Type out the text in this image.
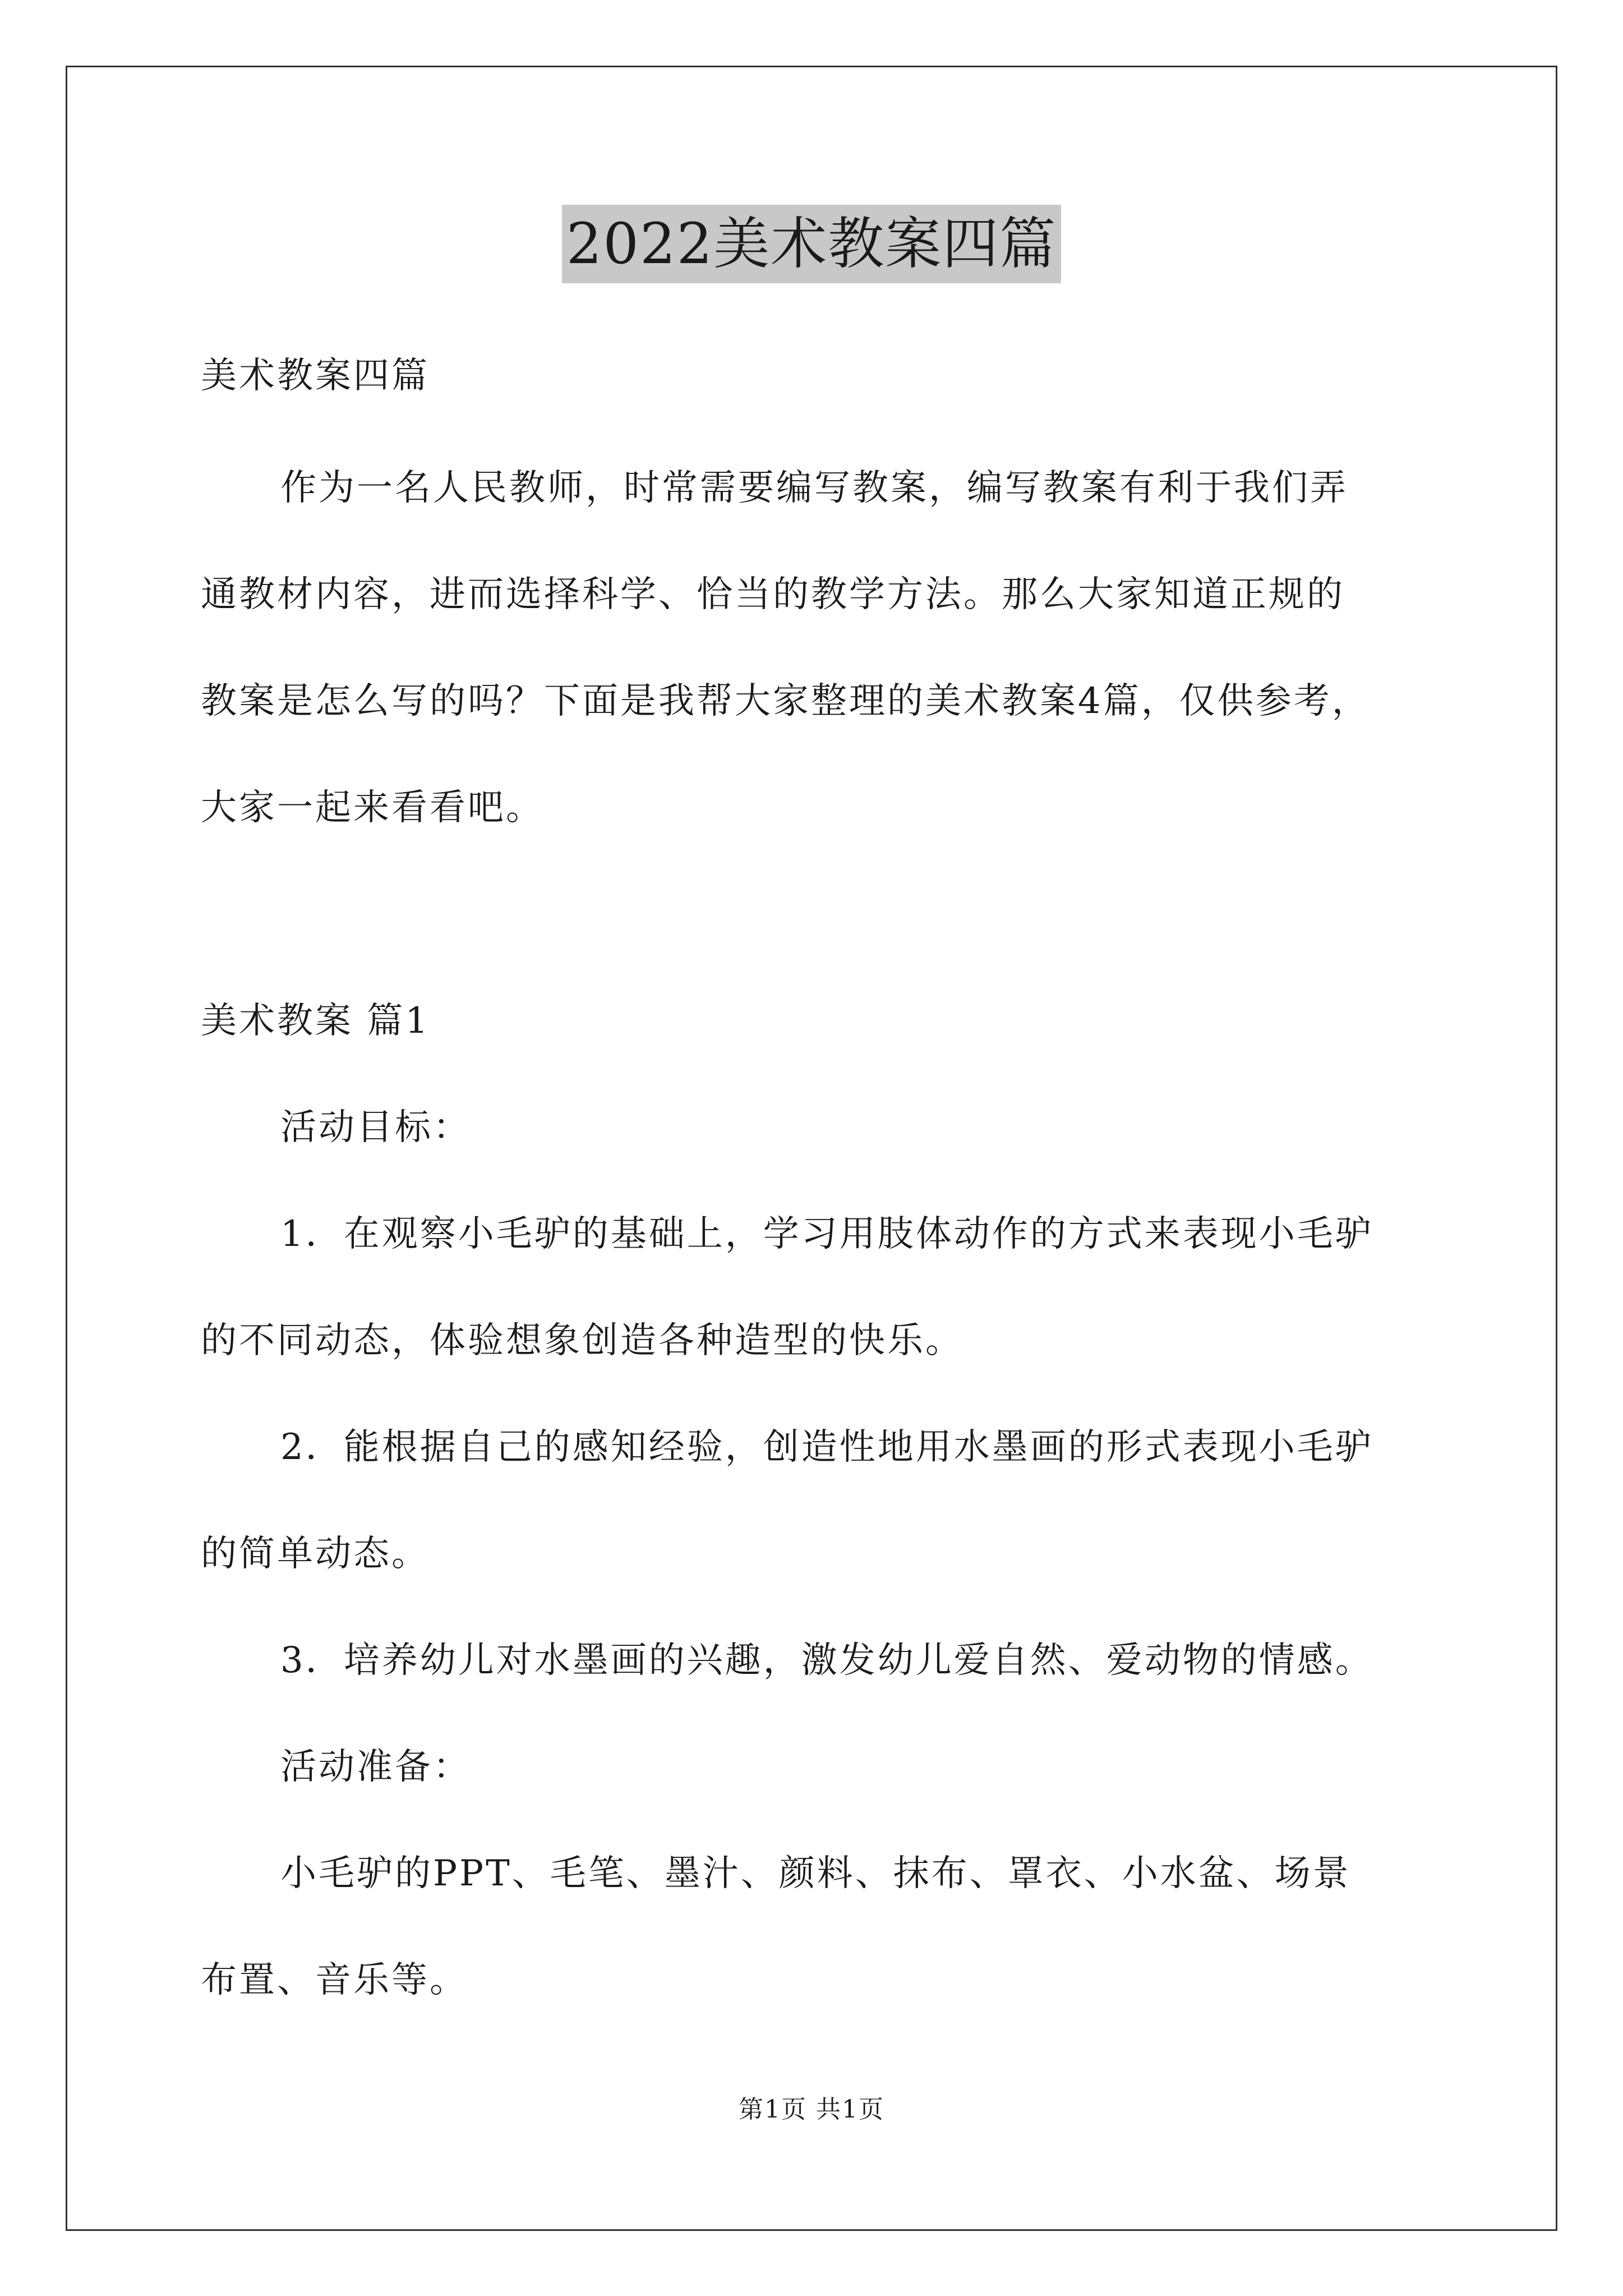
2022美术教案四篇
美术教案四篇
作为一名人民教师，时常需要编写教案，编写教案有利于我们弄
通教材内容，进而选择科学、恰当的教学方法。那么大家知道正规的
教案是怎么写的吗？下面是我帮大家整理的美术教案4篇，仅供参考，
大家一起来看看吧。
美术教案 篇1
活动目标：
1．在观察小毛驴的基础上，学习用肢体动作的方式来表现小毛驴
的不同动态，体验想象创造各种造型的快乐。
2．能根据自己的感知经验，创造性地用水墨画的形式表现小毛驴
的简单动态。
3．培养幼儿对水墨画的兴趣，激发幼儿爱自然、爱动物的情感。
活动准备：
小毛驴的PPT、毛笔、墨汁、颜料、抹布、罩衣、小水盆、场景
布置、音乐等。
第1页 共1页
